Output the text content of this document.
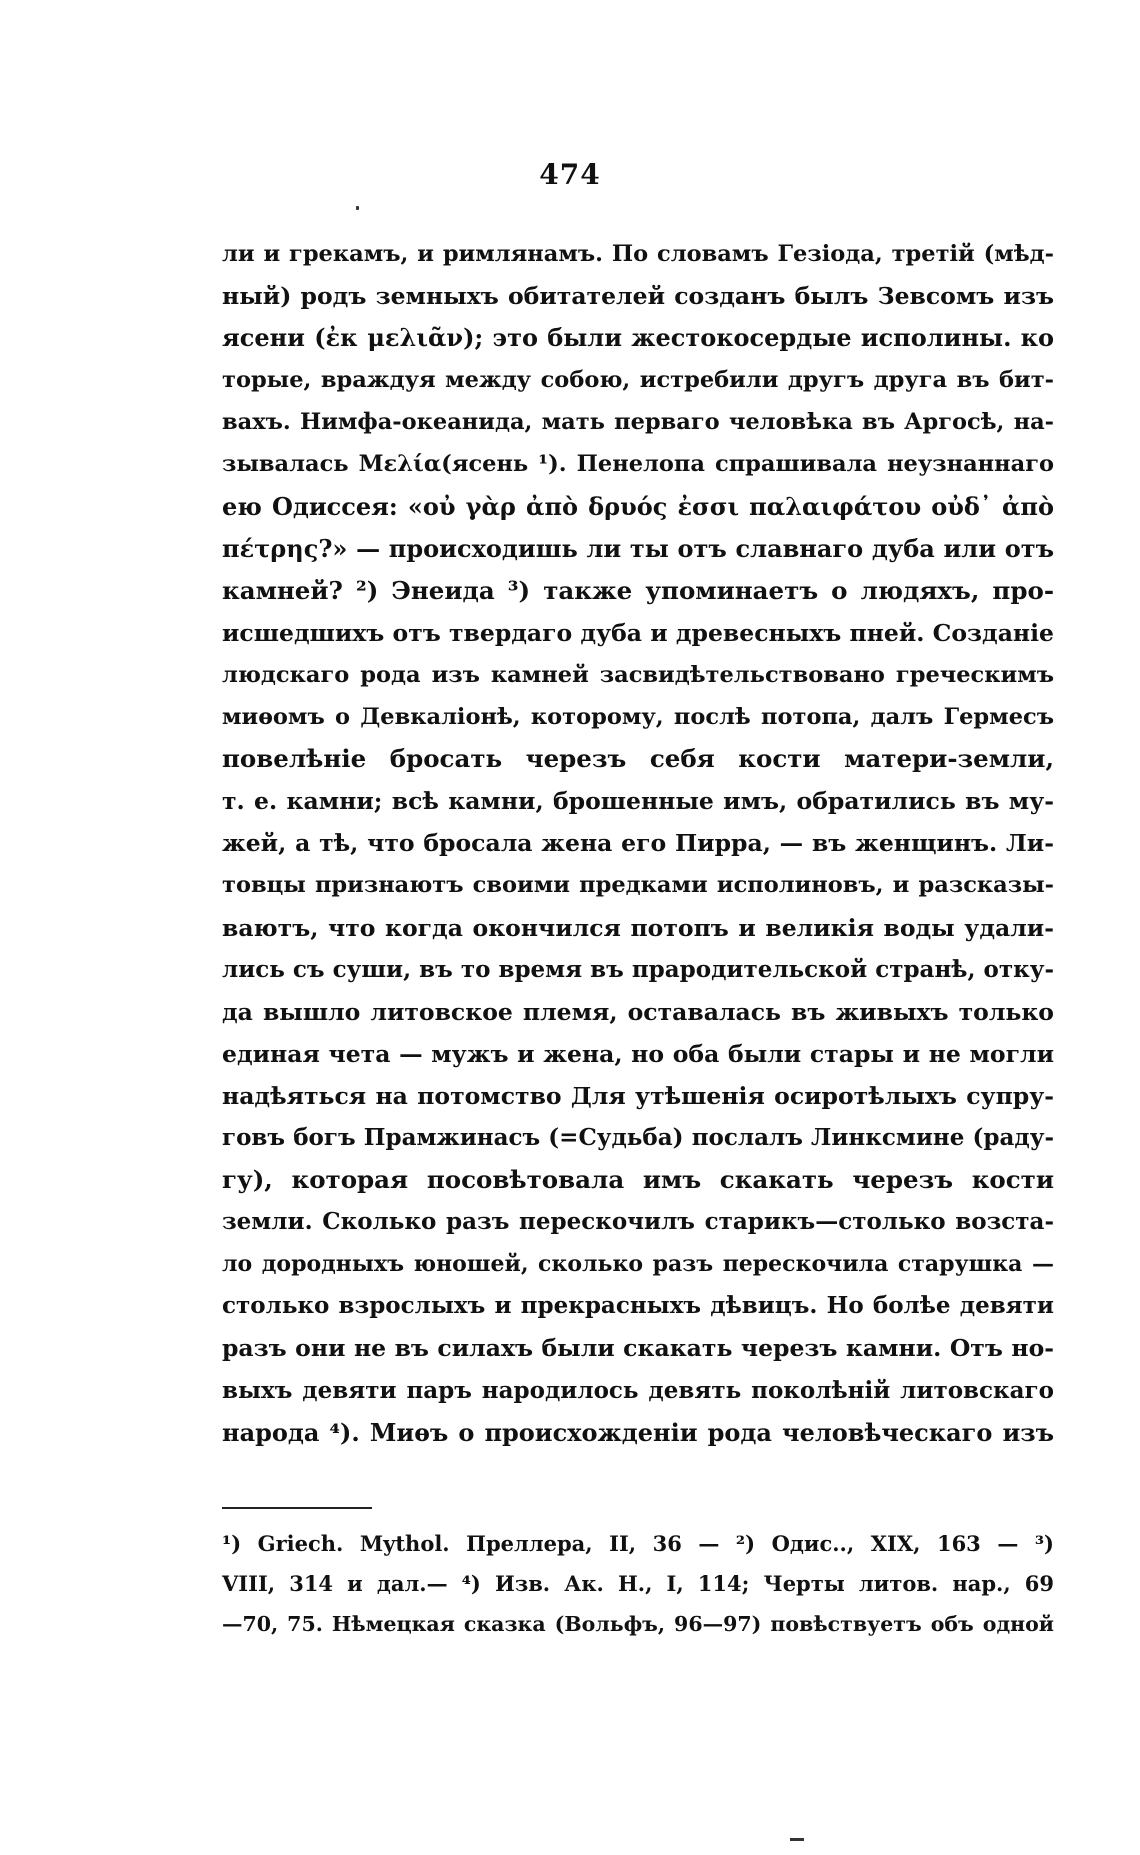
474
ли и грекамъ, и римлянамъ. По словамъ Гезіода, третій (мѣд-
ный) родъ земныхъ обитателей созданъ былъ Зевсомъ изъ
ясени (ἐκ μελιᾶν); это были жестокосердые исполины. ко
торые, враждуя между собою, истребили другъ друга въ бит-
вахъ. Нимфа-океанида, мать перваго человѣка въ Аргосѣ, на-
зывалась Μελία(ясень ¹). Пенелопа спрашивала неузнаннаго
ею Одиссея: «οὐ γὰρ ἀπὸ δρυός ἐσσι παλαιφάτου οὐδ᾽ ἀπὸ
πέτρης?» — происходишь ли ты отъ славнаго дуба или отъ
камней? ²) Энеида ³) также упоминаетъ о людяхъ, про-
исшедшихъ отъ твердаго дуба и древесныхъ пней. Созданіе
людскаго рода изъ камней засвидѣтельствовано греческимъ
миѳомъ о Девкаліонѣ, которому, послѣ потопа, далъ Гермесъ
повелѣніе бросать черезъ себя кости матери-земли,
т. е. камни; всѣ камни, брошенные имъ, обратились въ му-
жей, а тѣ, что бросала жена его Пирра, — въ женщинъ. Ли-
товцы признаютъ своими предками исполиновъ, и разсказы-
ваютъ, что когда окончился потопъ и великія воды удали-
лись съ суши, въ то время въ прародительской странѣ, отку-
да вышло литовское племя, оставалась въ живыхъ только
единая чета — мужъ и жена, но оба были стары и не могли
надѣяться на потомство Для утѣшенія осиротѣлыхъ супру-
говъ богъ Прамжинасъ (=Судьба) послалъ Линксмине (раду-
гу), которая посовѣтовала имъ скакать черезъ кости
земли. Сколько разъ перескочилъ старикъ—столько возста-
ло дородныхъ юношей, сколько разъ перескочила старушка —
столько взрослыхъ и прекрасныхъ дѣвицъ. Но болѣе девяти
разъ они не въ силахъ были скакать черезъ камни. Отъ но-
выхъ девяти паръ народилось девять поколѣній литовскаго
народа ⁴). Миѳъ о происхожденіи рода человѣческаго изъ
¹) Griech. Mythol. Преллера, II, 36 — ²) Одис.., XIX, 163 — ³)
VIII, 314 и дал.— ⁴) Изв. Ак. Н., I, 114; Черты литов. нар., 69
—70, 75. Нѣмецкая сказка (Вольфъ, 96—97) повѣствуетъ объ одной
